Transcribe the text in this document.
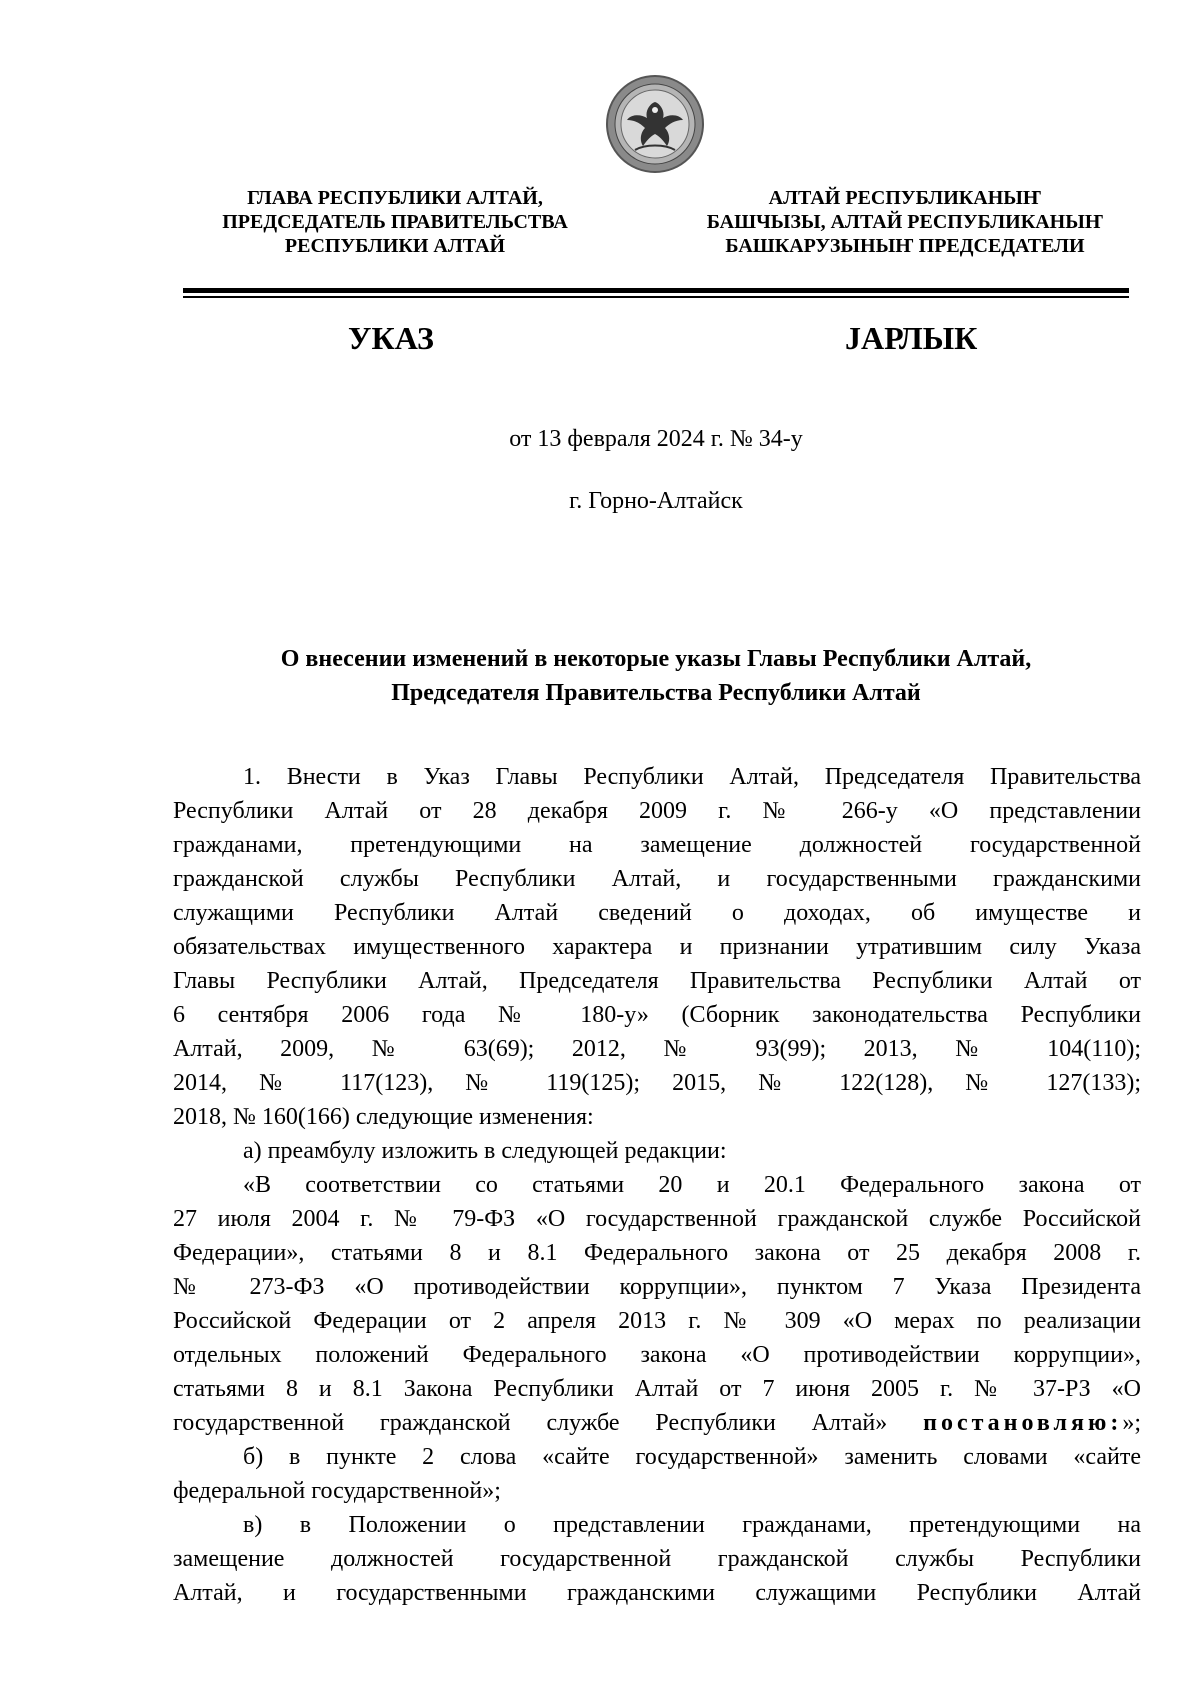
ГЛАВА РЕСПУБЛИКИ АЛТАЙ,
ПРЕДСЕДАТЕЛЬ ПРАВИТЕЛЬСТВА
РЕСПУБЛИКИ АЛТАЙ
АЛТАЙ РЕСПУБЛИКАНЫҤ
БАШЧЫЗЫ, АЛТАЙ РЕСПУБЛИКАНЫҤ
БАШКАРУЗЫНЫҤ ПРЕДСЕДАТЕЛИ
УКАЗ	ЈАРЛЫК
от 13 февраля 2024 г. № 34-у
г. Горно-Алтайск
О внесении изменений в некоторые указы Главы Республики Алтай,
Председателя Правительства Республики Алтай
1. Внести в Указ Главы Республики Алтай, Председателя Правительства
Республики Алтай от 28 декабря 2009 г. № 266-у «О представлении
гражданами, претендующими на замещение должностей государственной
гражданской службы Республики Алтай, и государственными гражданскими
служащими Республики Алтай сведений о доходах, об имуществе и
обязательствах имущественного характера и признании утратившим силу Указа
Главы Республики Алтай, Председателя Правительства Республики Алтай от
6 сентября 2006 года № 180-у» (Сборник законодательства Республики
Алтай, 2009, № 63(69); 2012, № 93(99); 2013, № 104(110);
2014, № 117(123), № 119(125); 2015, № 122(128), № 127(133);
2018, № 160(166) следующие изменения:
а) преамбулу изложить в следующей редакции:
«В соответствии со статьями 20 и 20.1 Федерального закона от
27 июля 2004 г. № 79-ФЗ «О государственной гражданской службе Российской
Федерации», статьями 8 и 8.1 Федерального закона от 25 декабря 2008 г.
№ 273-ФЗ «О противодействии коррупции», пунктом 7 Указа Президента
Российской Федерации от 2 апреля 2013 г. № 309 «О мерах по реализации
отдельных положений Федерального закона «О противодействии коррупции»,
статьями 8 и 8.1 Закона Республики Алтай от 7 июня 2005 г. № 37-РЗ «О
государственной гражданской службе Республики Алтай» постановляю:»;
б) в пункте 2 слова «сайте государственной» заменить словами «сайте
федеральной государственной»;
в) в Положении о представлении гражданами, претендующими на
замещение должностей государственной гражданской службы Республики
Алтай, и государственными гражданскими служащими Республики Алтай
